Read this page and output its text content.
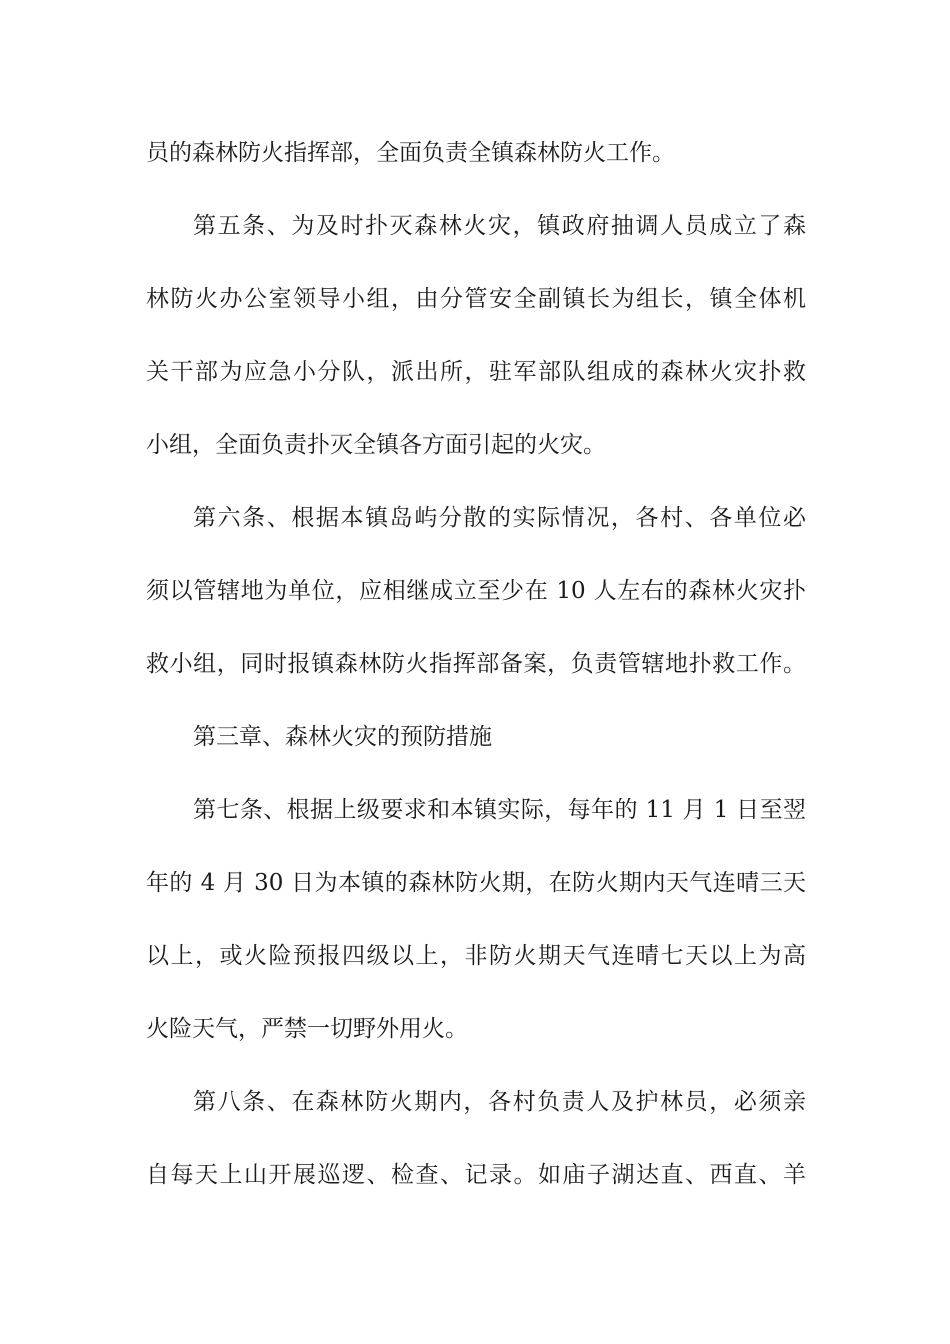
员的森林防火指挥部，全面负责全镇森林防火工作。
第五条、为及时扑灭森林火灾，镇政府抽调人员成立了森
林防火办公室领导小组，由分管安全副镇长为组长，镇全体机
关干部为应急小分队，派出所，驻军部队组成的森林火灾扑救
小组，全面负责扑灭全镇各方面引起的火灾。
第六条、根据本镇岛屿分散的实际情况，各村、各单位必
须以管辖地为单位，应相继成立至少在 10 人左右的森林火灾扑
救小组，同时报镇森林防火指挥部备案，负责管辖地扑救工作。
第三章、森林火灾的预防措施
第七条、根据上级要求和本镇实际，每年的 11 月 1 日至翌
年的 4 月 30 日为本镇的森林防火期，在防火期内天气连晴三天
以上，或火险预报四级以上，非防火期天气连晴七天以上为高
火险天气，严禁一切野外用火。
第八条、在森林防火期内，各村负责人及护林员，必须亲
自每天上山开展巡逻、检查、记录。如庙子湖达直、西直、羊
